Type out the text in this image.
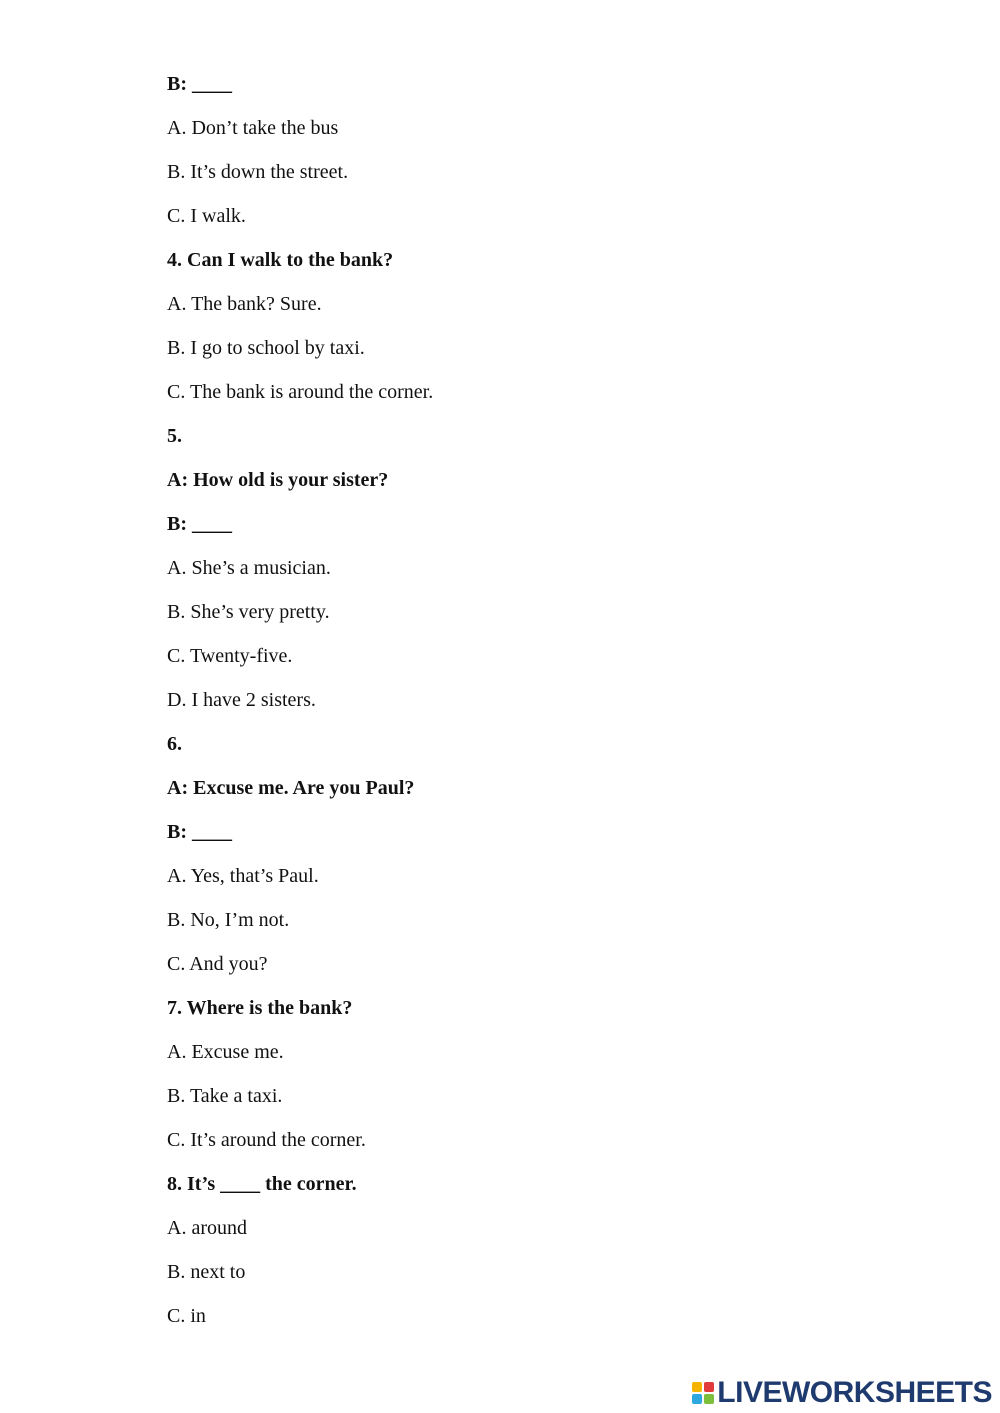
B: ____
A. Don’t take the bus
B. It’s down the street.
C. I walk.
4. Can I walk to the bank?
A. The bank? Sure.
B. I go to school by taxi.
C. The bank is around the corner.
5.
A: How old is your sister?
B: ____
A. She’s a musician.
B. She’s very pretty.
C. Twenty-five.
D. I have 2 sisters.
6.
A: Excuse me. Are you Paul?
B: ____
A. Yes, that’s Paul.
B. No, I’m not.
C. And you?
7. Where is the bank?
A. Excuse me.
B. Take a taxi.
C. It’s around the corner.
8. It’s ____ the corner.
A. around
B. next to
C. in
LIVEWORKSHEETS
